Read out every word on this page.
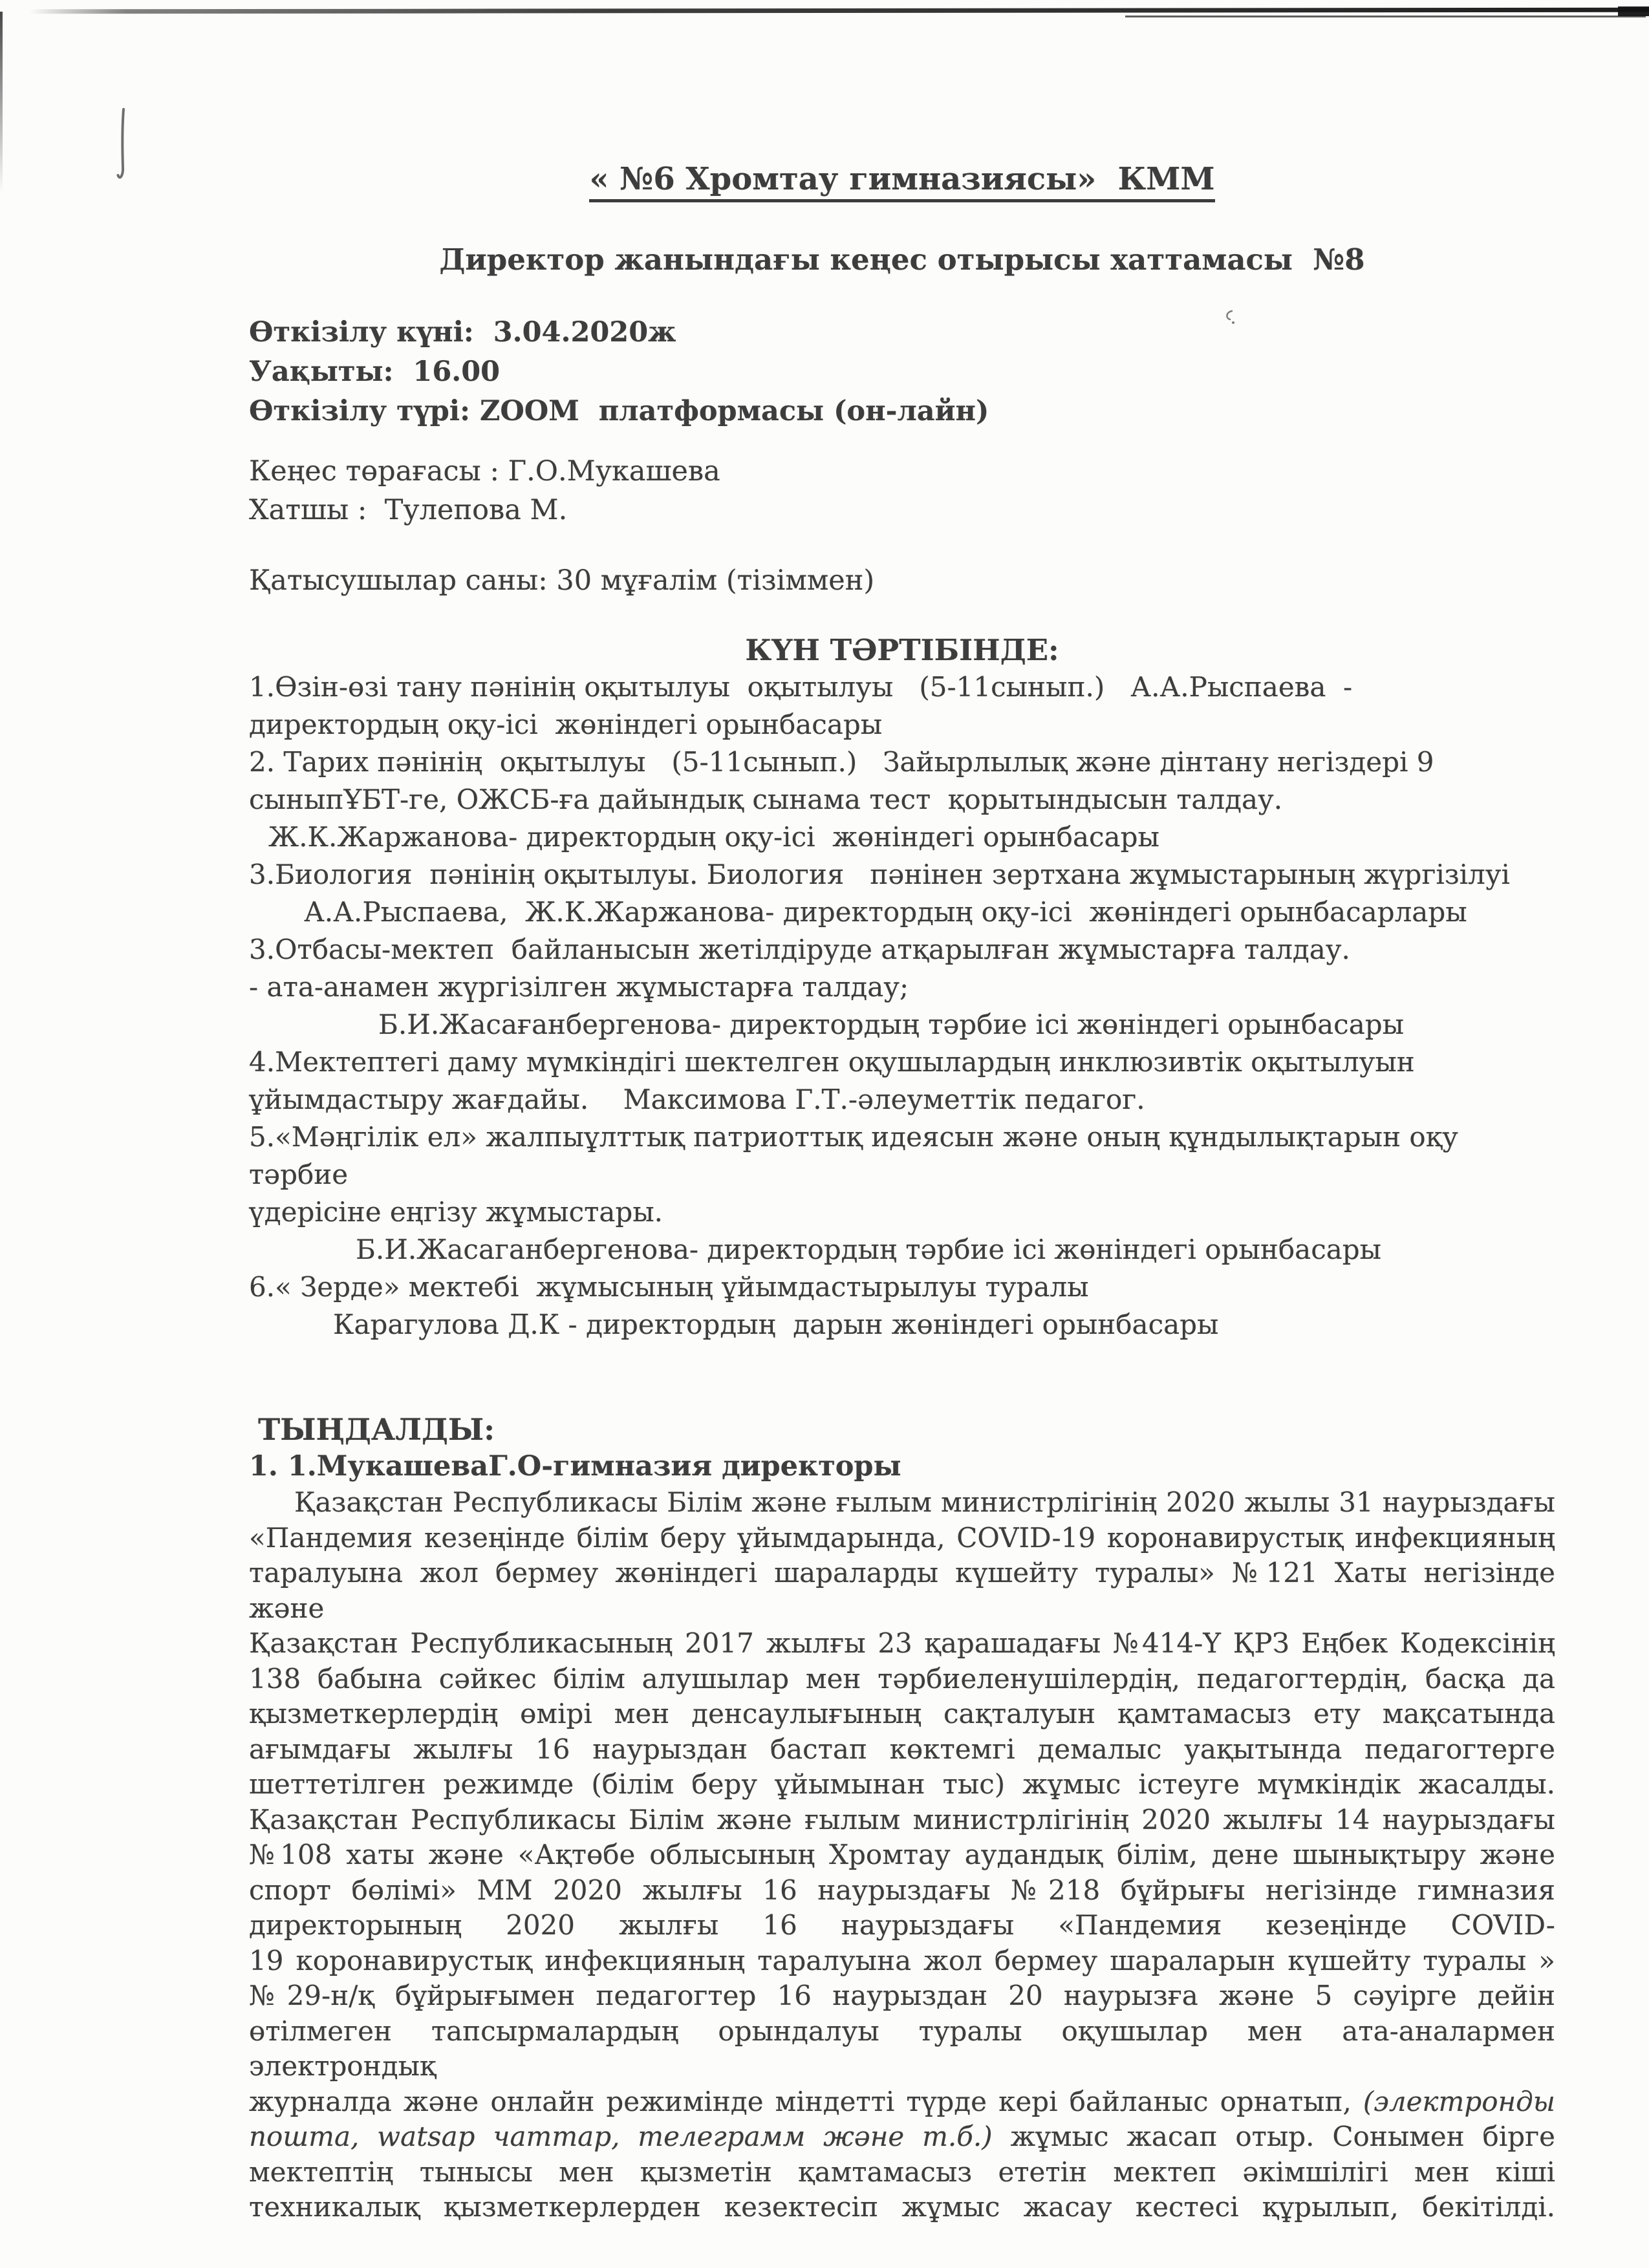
« №6 Хромтау гимназиясы»  КММ
Директор жанындағы кеңес отырысы хаттамасы  №8
Өткізілу күні:  3.04.2020ж
Уақыты:  16.00
Өткізілу түрі: ZOOM  платформасы (он-лайн)
Кеңес төрағасы : Г.О.Мукашева
Хатшы :  Тулепова М.
Қатысушылар саны: 30 мұғалім (тізіммен)
КҮН ТӘРТІБІНДЕ:
1.Өзін-өзі тану пәнінің оқытылуы  оқытылуы   (5-11сынып.)   А.А.Рыспаева  -
директордың оқу-ісі  жөніндегі орынбасары
2. Тарих пәнінің  оқытылуы   (5-11сынып.)   Зайырлылық және дінтану негіздері 9
сыныпҰБТ-ге, ОЖСБ-ға дайындық сынама тест  қорытындысын талдау.
Ж.К.Жаржанова- директордың оқу-ісі  жөніндегі орынбасары
3.Биология  пәнінің оқытылуы. Биология   пәнінен зертхана жұмыстарының жүргізілуі
А.А.Рыспаева,  Ж.К.Жаржанова- директордың оқу-ісі  жөніндегі орынбасарлары
3.Отбасы-мектеп  байланысын жетілдіруде атқарылған жұмыстарға талдау.
- ата-анамен жүргізілген жұмыстарға талдау;
Б.И.Жасағанбергенова- директордың тәрбие ісі жөніндегі орынбасары
4.Мектептегі даму мүмкіндігі шектелген оқушылардың инклюзивтік оқытылуын
ұйымдастыру жағдайы.    Максимова Г.Т.-әлеуметтік педагог.
5.«Мәңгілік ел» жалпыұлттық патриоттық идеясын және оның құндылықтарын оқу тәрбие
үдерісіне еңгізу жұмыстары.
Б.И.Жасаганбергенова- директордың тәрбие ісі жөніндегі орынбасары
6.« Зерде» мектебі  жұмысының ұйымдастырылуы туралы
Карагулова Д.К - директордың  дарын жөніндегі орынбасары
ТЫҢДАЛДЫ:
1. 1.МукашеваГ.О-гимназия директоры
Қазақстан Республикасы Білім және ғылым министрлігінің 2020 жылы 31 наурыздағы
«Пандемия кезеңінде білім беру ұйымдарында, COVID-19 коронавирустық инфекцияның
таралуына жол бермеу жөніндегі шараларды күшейту туралы» №121 Хаты негізінде
және
Қазақстан Республикасының 2017 жылғы 23 қарашадағы №414-Y ҚРЗ Еңбек Кодексінің
138 бабына сәйкес білім алушылар мен тәрбиеленушілердің, педагогтердің, басқа да
қызметкерлердің өмірі мен денсаулығының сақталуын қамтамасыз ету мақсатында
ағымдағы жылғы 16 наурыздан бастап көктемгі демалыс уақытында педагогтерге
шеттетілген режимде (білім беру ұйымынан тыс) жұмыс істеуге мүмкіндік жасалды.
Қазақстан Республикасы Білім және ғылым министрлігінің 2020 жылғы 14 наурыздағы
№108 хаты және «Ақтөбе облысының Хромтау аудандық білім, дене шынықтыру және
спорт бөлімі» ММ 2020 жылғы 16 наурыздағы №218 бұйрығы негізінде гимназия
директорының 2020 жылғы 16 наурыздағы «Пандемия кезеңінде COVID-
19 коронавирустық инфекцияның таралуына жол бермеу шараларын күшейту туралы »
№29-н/қ бұйрығымен педагогтер 16 наурыздан 20 наурызға және 5 сәуірге дейін
өтілмеген тапсырмалардың орындалуы туралы оқушылар мен ата-аналармен электрондық
журналда және онлайн режимінде міндетті түрде кері байланыс орнатып, (электронды
пошта, watsap чаттар, телеграмм және т.б.) жұмыс жасап отыр. Сонымен бірге
мектептің тынысы мен қызметін қамтамасыз ететін мектеп әкімшілігі мен кіші
техникалық қызметкерлерден кезектесіп жұмыс жасау кестесі құрылып, бекітілді.
